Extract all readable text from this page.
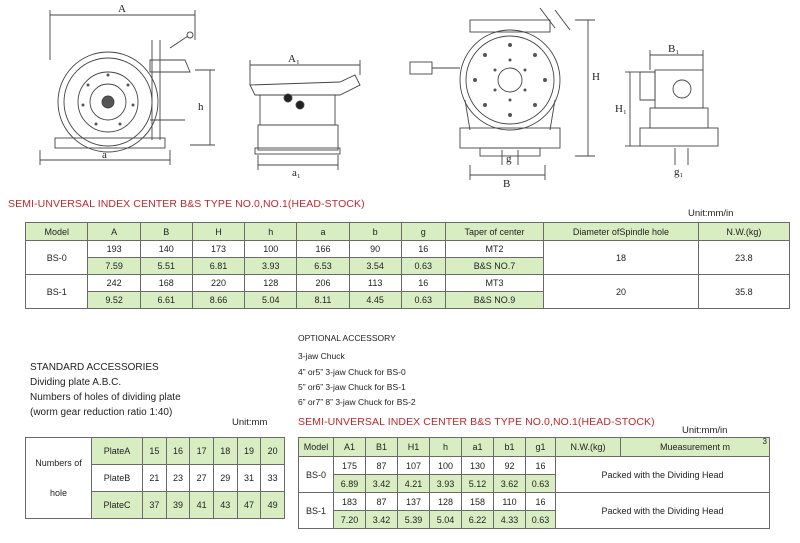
A
a
h
A₁
a₁
H
g
B
B₁
H₁
g₁
SEMI-UNVERSAL INDEX CENTER B&S TYPE NO.0,NO.1(HEAD-STOCK)
Unit:mm/in
Model	A	B	H	h	a	b	g	Taper of center	Diameter ofSpindle hole	N.W.(kg)
BS-0	193	140	173	100	166	90	16	MT2	18	23.8
	7.59	5.51	6.81	3.93	6.53	3.54	0.63	B&S NO.7		
BS-1	242	168	220	128	206	113	16	MT3	20	35.8
	9.52	6.61	8.66	5.04	8.11	4.45	0.63	B&S NO.9		
OPTIONAL ACCESSORY
3-jaw Chuck
4” or5” 3-jaw Chuck for BS-0
5” or6” 3-jaw Chuck for BS-1
6” or7” 8” 3-jaw Chuck for BS-2
STANDARD ACCESSORIES
Dividing plate A.B.C.
Numbers of holes of dividing plate
(worm gear reduction ratio 1:40)
Unit:mm
Numbers of

hole	PlateA	15	16	17	18	19	20
	PlateB	21	23	27	29	31	33
	PlateC	37	39	41	43	47	49
SEMI-UNVERSAL INDEX CENTER B&S TYPE NO.0,NO.1(HEAD-STOCK)
Unit:mm/in
Model	A1	B1	H1	h	a1	b1	g1	N.W.(kg)	Mueasurement m
3

BS-0	175	87	107	100	130	92	16	Packed with the Dividing Head	
	6.89	3.42	4.21	3.93	5.12	3.62	0.63		
BS-1	183	87	137	128	158	110	16	Packed with the Dividing Head	
	7.20	3.42	5.39	5.04	6.22	4.33	0.63		
